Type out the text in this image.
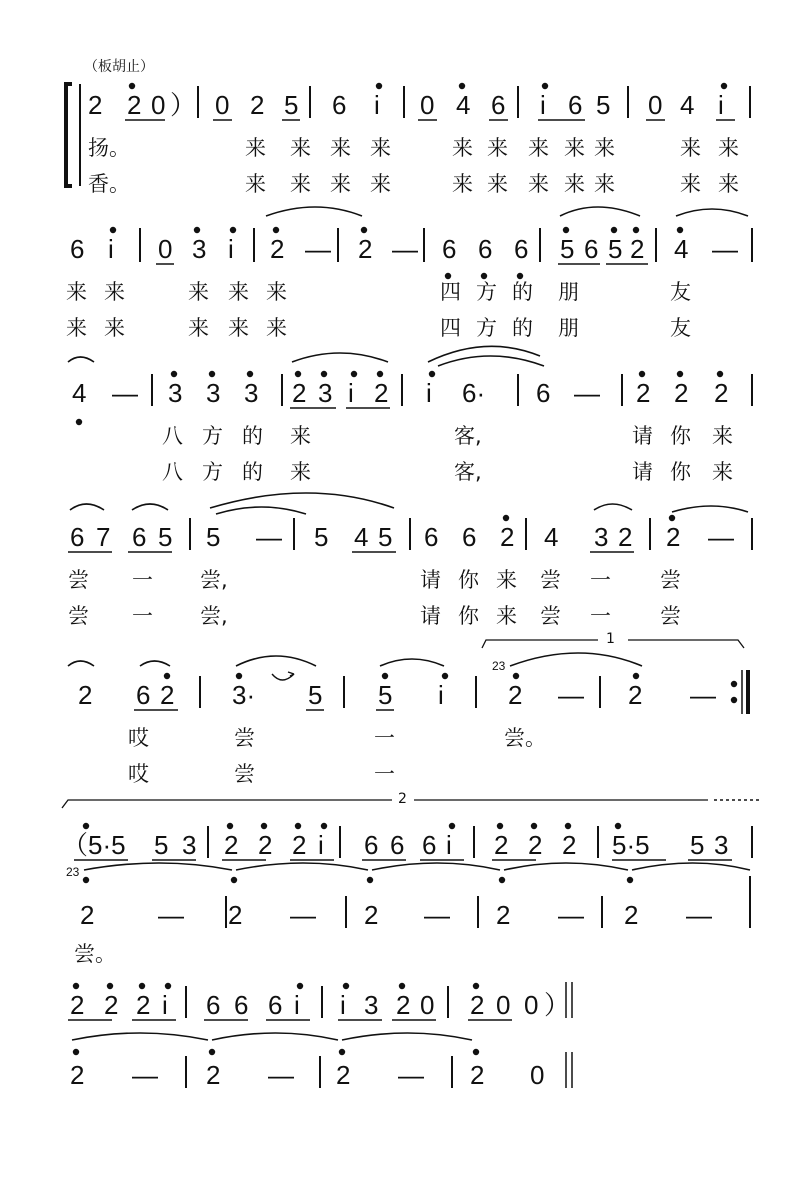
2 2 0 ） 0 2 5 6 i 0 4 6 i 6 5 0 4 i
扬。	来 来 来 来	来 来 来 来 来	来 来
香。	来 来 来 来	来 来 来 来 来	来 来
6 i 0 3 i 2 — 2 — 6 6 6 5 6 5 2 4 —
来 来	来 来 来	四 方 的 朋	友
来 来	来 来 来	四 方 的 朋	友
4 — 3 3 3 2 3 i 2 i 6· 6 — 2 2 2
八 方 的 来	客,	请 你 来
八 方 的 来	客,	请 你 来
6 7 6 5 5 — 5 4 5 6 6 2 4 3 2 2 —
尝 一 尝,	请 你 来 尝 一 尝
尝 一 尝,	请 你 来 尝 一 尝
2 6 2 3· 5 5 i 2 — 2 —
哎	尝	一	尝。
哎	尝	一
2 — 2 — 2 — 2 — 2 —
（5·5 5 3 2 2 2 i 6 6 6 i 2 2 2 5·5 5 3
尝。
2 — 2 — 2 — 2 0
2 2 2 i 6 6 6 i i 3 2 0 2 0 0 ）
（板胡止）
1
2
23
23
